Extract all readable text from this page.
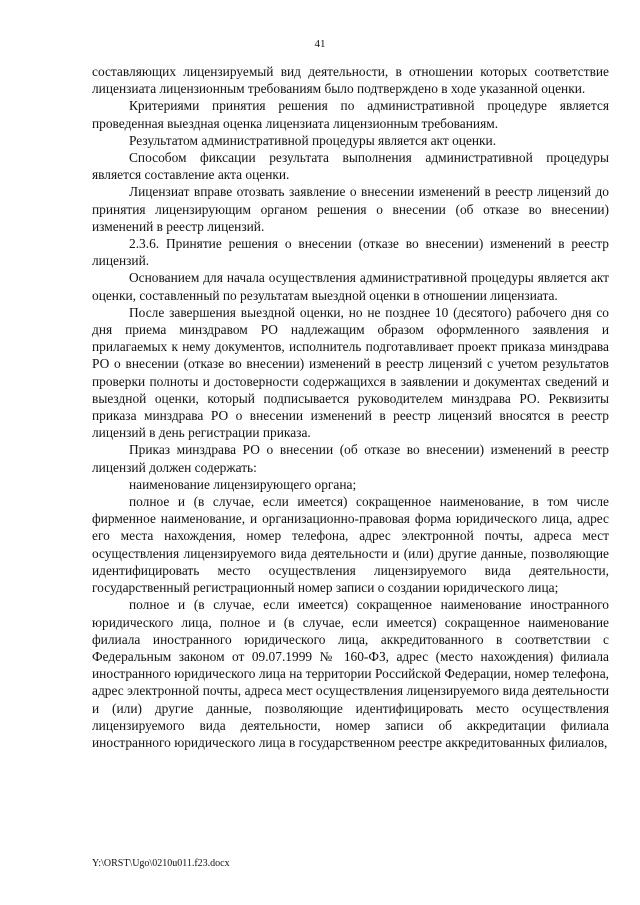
41

составляющих лицензируемый вид деятельности, в отношении которых соответствие лицензиата лицензионным требованиям было подтверждено в ходе указанной оценки.

Критериями принятия решения по административной процедуре является проведенная выездная оценка лицензиата лицензионным требованиям.

Результатом административной процедуры является акт оценки.

Способом фиксации результата выполнения административной процедуры является составление акта оценки.

Лицензиат вправе отозвать заявление о внесении изменений в реестр лицензий до принятия лицензирующим органом решения о внесении (об отказе во внесении) изменений в реестр лицензий.

2.3.6. Принятие решения о внесении (отказе во внесении) изменений в реестр лицензий.

Основанием для начала осуществления административной процедуры является акт оценки, составленный по результатам выездной оценки в отношении лицензиата.

После завершения выездной оценки, но не позднее 10 (десятого) рабочего дня со дня приема минздравом РО надлежащим образом оформленного заявления и прилагаемых к нему документов, исполнитель подготавливает проект приказа минздрава РО о внесении (отказе во внесении) изменений в реестр лицензий с учетом результатов проверки полноты и достоверности содержащихся в заявлении и документах сведений и выездной оценки, который подписывается руководителем минздрава РО. Реквизиты приказа минздрава РО о внесении изменений в реестр лицензий вносятся в реестр лицензий в день регистрации приказа.

Приказ минздрава РО о внесении (об отказе во внесении) изменений в реестр лицензий должен содержать:

наименование лицензирующего органа;

полное и (в случае, если имеется) сокращенное наименование, в том числе фирменное наименование, и организационно-правовая форма юридического лица, адрес его места нахождения, номер телефона, адрес электронной почты, адреса мест осуществления лицензируемого вида деятельности и (или) другие данные, позволяющие идентифицировать место осуществления лицензируемого вида деятельности, государственный регистрационный номер записи о создании юридического лица;

полное и (в случае, если имеется) сокращенное наименование иностранного юридического лица, полное и (в случае, если имеется) сокращенное наименование филиала иностранного юридического лица, аккредитованного в соответствии с Федеральным законом от 09.07.1999 № 160-ФЗ, адрес (место нахождения) филиала иностранного юридического лица на территории Российской Федерации, номер телефона, адрес электронной почты, адреса мест осуществления лицензируемого вида деятельности и (или) другие данные, позволяющие идентифицировать место осуществления лицензируемого вида деятельности, номер записи об аккредитации филиала иностранного юридического лица в государственном реестре аккредитованных филиалов,

Y:\ORST\Ugo\0210u011.f23.docx
